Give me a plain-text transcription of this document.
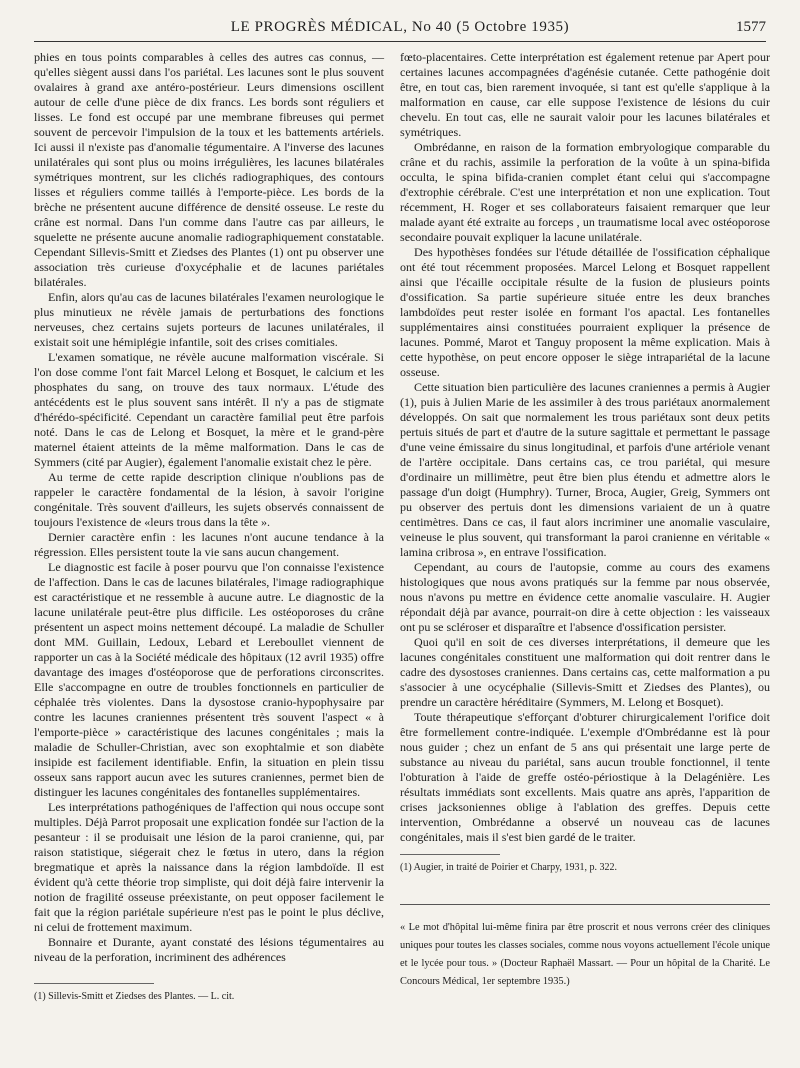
LE PROGRÈS MÉDICAL, No 40 (5 Octobre 1935)	1577

phies en tous points comparables à celles des autres cas connus, — qu'elles siègent aussi dans l'os pariétal. Les lacunes sont le plus souvent ovalaires à grand axe antéro-postérieur. Leurs dimensions oscillent autour de celle d'une pièce de dix francs. Les bords sont réguliers et lisses. Le fond est occupé par une membrane fibreuses qui permet souvent de percevoir l'impulsion de la toux et les battements artériels. Ici aussi il n'existe pas d'anomalie tégumentaire. A l'inverse des lacunes unilatérales qui sont plus ou moins irrégulières, les lacunes bilatérales symétriques montrent, sur les clichés radiographiques, des contours lisses et réguliers comme taillés à l'emporte-pièce. Les bords de la brèche ne présentent aucune différence de densité osseuse. Le reste du crâne est normal. Dans l'un comme dans l'autre cas par ailleurs, le squelette ne présente aucune anomalie radiographiquement constatable. Cependant Sillevis-Smitt et Ziedses des Plantes (1) ont pu observer une association très curieuse d'oxycéphalie et de lacunes pariétales bilatérales.

Enfin, alors qu'au cas de lacunes bilatérales l'examen neurologique le plus minutieux ne révèle jamais de perturbations des fonctions nerveuses, chez certains sujets porteurs de lacunes unilatérales, il existait soit une hémiplégie infantile, soit des crises comitiales.

L'examen somatique, ne révèle aucune malformation viscérale. Si l'on dose comme l'ont fait Marcel Lelong et Bosquet, le calcium et les phosphates du sang, on trouve des taux normaux. L'étude des antécédents est le plus souvent sans intérêt. Il n'y a pas de stigmate d'hérédo-spécificité. Cependant un caractère familial peut être parfois noté. Dans le cas de Lelong et Bosquet, la mère et le grand-père maternel étaient atteints de la même malformation. Dans le cas de Symmers (cité par Augier), également l'anomalie existait chez le père.

Au terme de cette rapide description clinique n'oublions pas de rappeler le caractère fondamental de la lésion, à savoir l'origine congénitale. Très souvent d'ailleurs, les sujets observés connaissent de toujours l'existence de «leurs trous dans la tête ».

Dernier caractère enfin : les lacunes n'ont aucune tendance à la régression. Elles persistent toute la vie sans aucun changement.

Le diagnostic est facile à poser pourvu que l'on connaisse l'existence de l'affection. Dans le cas de lacunes bilatérales, l'image radiographique est caractéristique et ne ressemble à aucune autre. Le diagnostic de la lacune unilatérale peut-être plus difficile. Les ostéoporoses du crâne présentent un aspect moins nettement découpé. La maladie de Schuller dont MM. Guillain, Ledoux, Lebard et Lereboullet viennent de rapporter un cas à la Société médicale des hôpitaux (12 avril 1935) offre davantage des images d'ostéoporose que de perforations circonscrites. Elle s'accompagne en outre de troubles fonctionnels en particulier de céphalée très violentes. Dans la dysostose cranio-hypophysaire par contre les lacunes craniennes présentent très souvent l'aspect « à l'emporte-pièce » caractéristique des lacunes congénitales ; mais la maladie de Schuller-Christian, avec son exophtalmie et son diabète insipide est facilement identifiable. Enfin, la situation en plein tissu osseux sans rapport aucun avec les sutures craniennes, permet bien de distinguer les lacunes congénitales des fontanelles supplémentaires.

Les interprétations pathogéniques de l'affection qui nous occupe sont multiples. Déjà Parrot proposait une explication fondée sur l'action de la pesanteur : il se produisait une lésion de la paroi cranienne, qui, par raison statistique, siégerait chez le fœtus in utero, dans la région bregmatique et après la naissance dans la région lambdoïde. Il est évident qu'à cette théorie trop simpliste, qui doit déjà faire intervenir la notion de fragilité osseuse préexistante, on peut opposer facilement le fait que la région pariétale supérieure n'est pas le point le plus déclive, ni celui de frottement maximum.

Bonnaire et Durante, ayant constaté des lésions tégumentaires au niveau de la perforation, incriminent des adhérences

(1) Sillevis-Smitt et Ziedses des Plantes. — L. cit.

fœto-placentaires. Cette interprétation est également retenue par Apert pour certaines lacunes accompagnées d'agénésie cutanée. Cette pathogénie doit être, en tout cas, bien rarement invoquée, si tant est qu'elle s'applique à la malformation en cause, car elle suppose l'existence de lésions du cuir chevelu. En tout cas, elle ne saurait valoir pour les lacunes bilatérales et symétriques.

Ombrédanne, en raison de la formation embryologique comparable du crâne et du rachis, assimile la perforation de la voûte à un spina-bifida occulta, le spina bifida-cranien complet étant celui qui s'accompagne d'extrophie cérébrale. C'est une interprétation et non une explication. Tout récemment, H. Roger et ses collaborateurs faisaient remarquer que leur malade ayant été extraite au forceps , un traumatisme local avec ostéoporose secondaire pouvait expliquer la lacune unilatérale.

Des hypothèses fondées sur l'étude détaillée de l'ossification céphalique ont été tout récemment proposées. Marcel Lelong et Bosquet rappellent ainsi que l'écaille occipitale résulte de la fusion de plusieurs points d'ossification. Sa partie supérieure située entre les deux branches lambdoïdes peut rester isolée en formant l'os apactal. Les fontanelles supplémentaires ainsi constituées pourraient expliquer la présence de lacunes. Pommé, Marot et Tanguy proposent la même explication. Mais à cette hypothèse, on peut encore opposer le siège intrapariétal de la lacune osseuse.

Cette situation bien particulière des lacunes craniennes a permis à Augier (1), puis à Julien Marie de les assimiler à des trous pariétaux anormalement développés. On sait que normalement les trous pariétaux sont deux petits pertuis situés de part et d'autre de la suture sagittale et permettant le passage d'une veine émissaire du sinus longitudinal, et parfois d'une artériole venant de l'artère occipitale. Dans certains cas, ce trou pariétal, qui mesure d'ordinaire un millimètre, peut être bien plus étendu et admettre alors le passage d'un doigt (Humphry). Turner, Broca, Augier, Greig, Symmers ont pu observer des pertuis dont les dimensions variaient de un à quatre centimètres. Dans ce cas, il faut alors incriminer une anomalie vasculaire, veineuse le plus souvent, qui transformant la paroi cranienne en véritable « lamina cribrosa », en entrave l'ossification.

Cependant, au cours de l'autopsie, comme au cours des examens histologiques que nous avons pratiqués sur la femme par nous observée, nous n'avons pu mettre en évidence cette anomalie vasculaire. H. Augier répondait déjà par avance, pourrait-on dire à cette objection : les vaisseaux ont pu se scléroser et disparaître et l'absence d'ossification persister.

Quoi qu'il en soit de ces diverses interprétations, il demeure que les lacunes congénitales constituent une malformation qui doit rentrer dans le cadre des dysostoses craniennes. Dans certains cas, cette malformation a pu s'associer à une ocycéphalie (Sillevis-Smitt et Ziedses des Plantes), ou prendre un caractère héréditaire (Symmers, M. Lelong et Bosquet).

Toute thérapeutique s'efforçant d'obturer chirurgicalement l'orifice doit être formellement contre-indiquée. L'exemple d'Ombrédanne est là pour nous guider ; chez un enfant de 5 ans qui présentait une large perte de substance au niveau du pariétal, sans aucun trouble fonctionnel, il tente l'obturation à l'aide de greffe ostéo-périostique à la Delagénière. Les résultats immédiats sont excellents. Mais quatre ans après, l'apparition de crises jacksoniennes oblige à l'ablation des greffes. Depuis cette intervention, Ombrédanne a observé un nouveau cas de lacunes congénitales, mais il s'est bien gardé de le traiter.

(1) Augier, in traité de Poirier et Charpy, 1931, p. 322.

« Le mot d'hôpital lui-même finira par être proscrit et nous verrons créer des cliniques uniques pour toutes les classes sociales, comme nous voyons actuellement l'école unique et le lycée pour tous. » (Docteur Raphaël Massart. — Pour un hôpital de la Charité. Le Concours Médical, 1er septembre 1935.)
